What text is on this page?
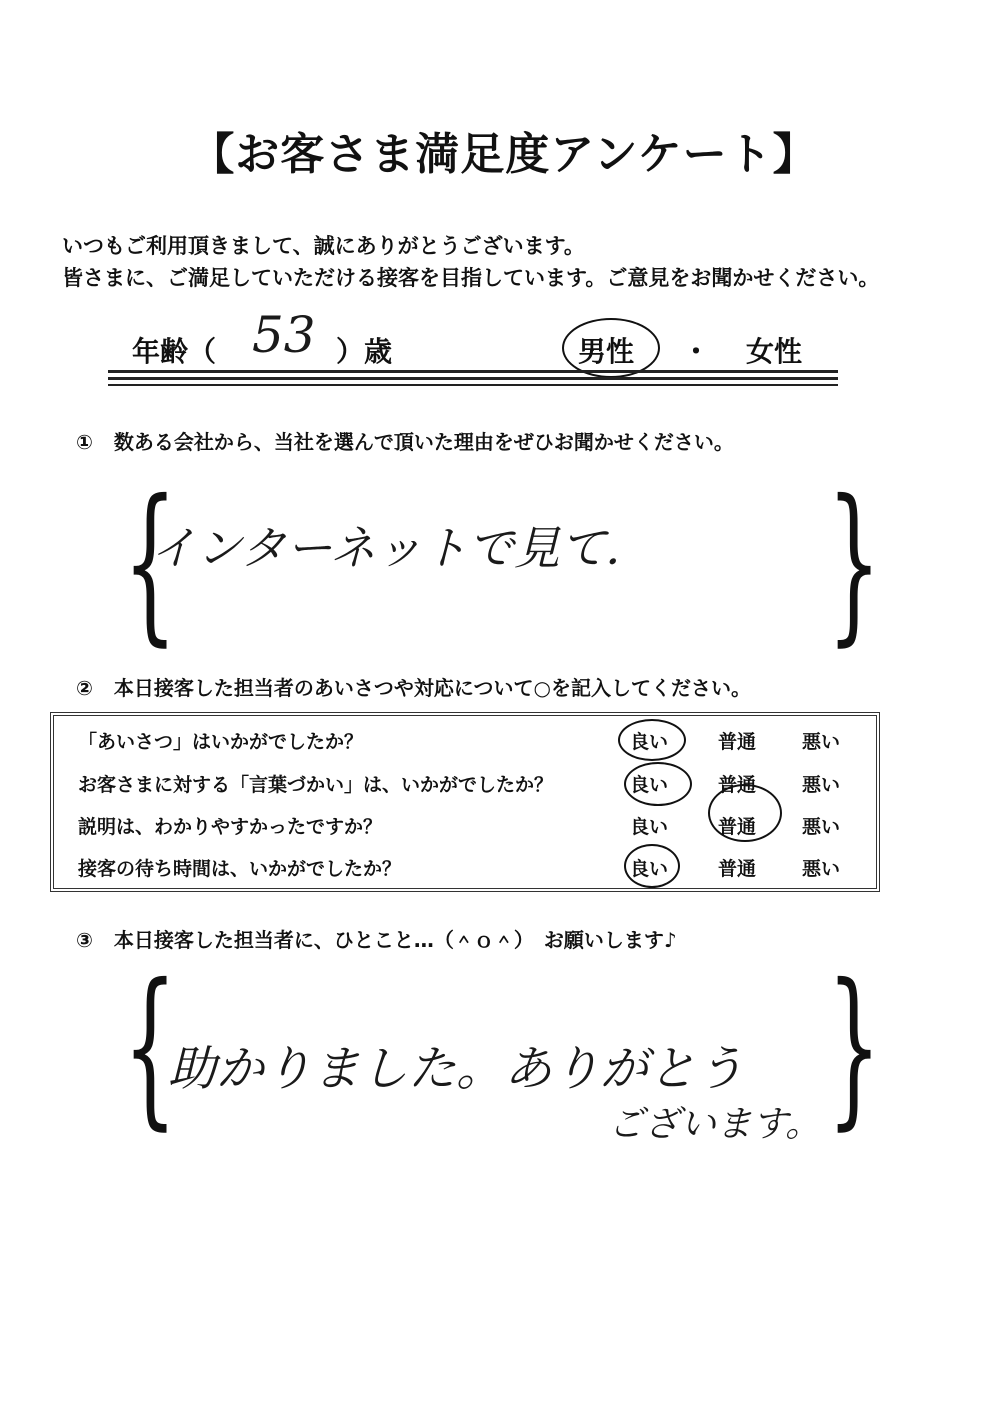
【お客さま満足度アンケート】
いつもご利用頂きまして、誠にありがとうございます。
皆さまに、ご満足していただける接客を目指しています。ご意見をお聞かせください。
年齢（ 53 ）歳	男性 ・ 女性
① 数ある会社から、当社を選んで頂いた理由をぜひお聞かせください。
{	}
インターネットで見て．
② 本日接客した担当者のあいさつや対応について○を記入してください。
「あいさつ」はいかがでしたか？	良い	普通 悪い
お客さまに対する「言葉づかい」は、いかがでしたか？	良い	普通 悪い
説明は、わかりやすかったですか？	良い	普通 悪い
接客の待ち時間は、いかがでしたか？	良い	普通 悪い
③ 本日接客した担当者に、ひとこと…（＾ｏ＾）　お願いします♪
{	}
助かりました。ありがとう
ございます。
